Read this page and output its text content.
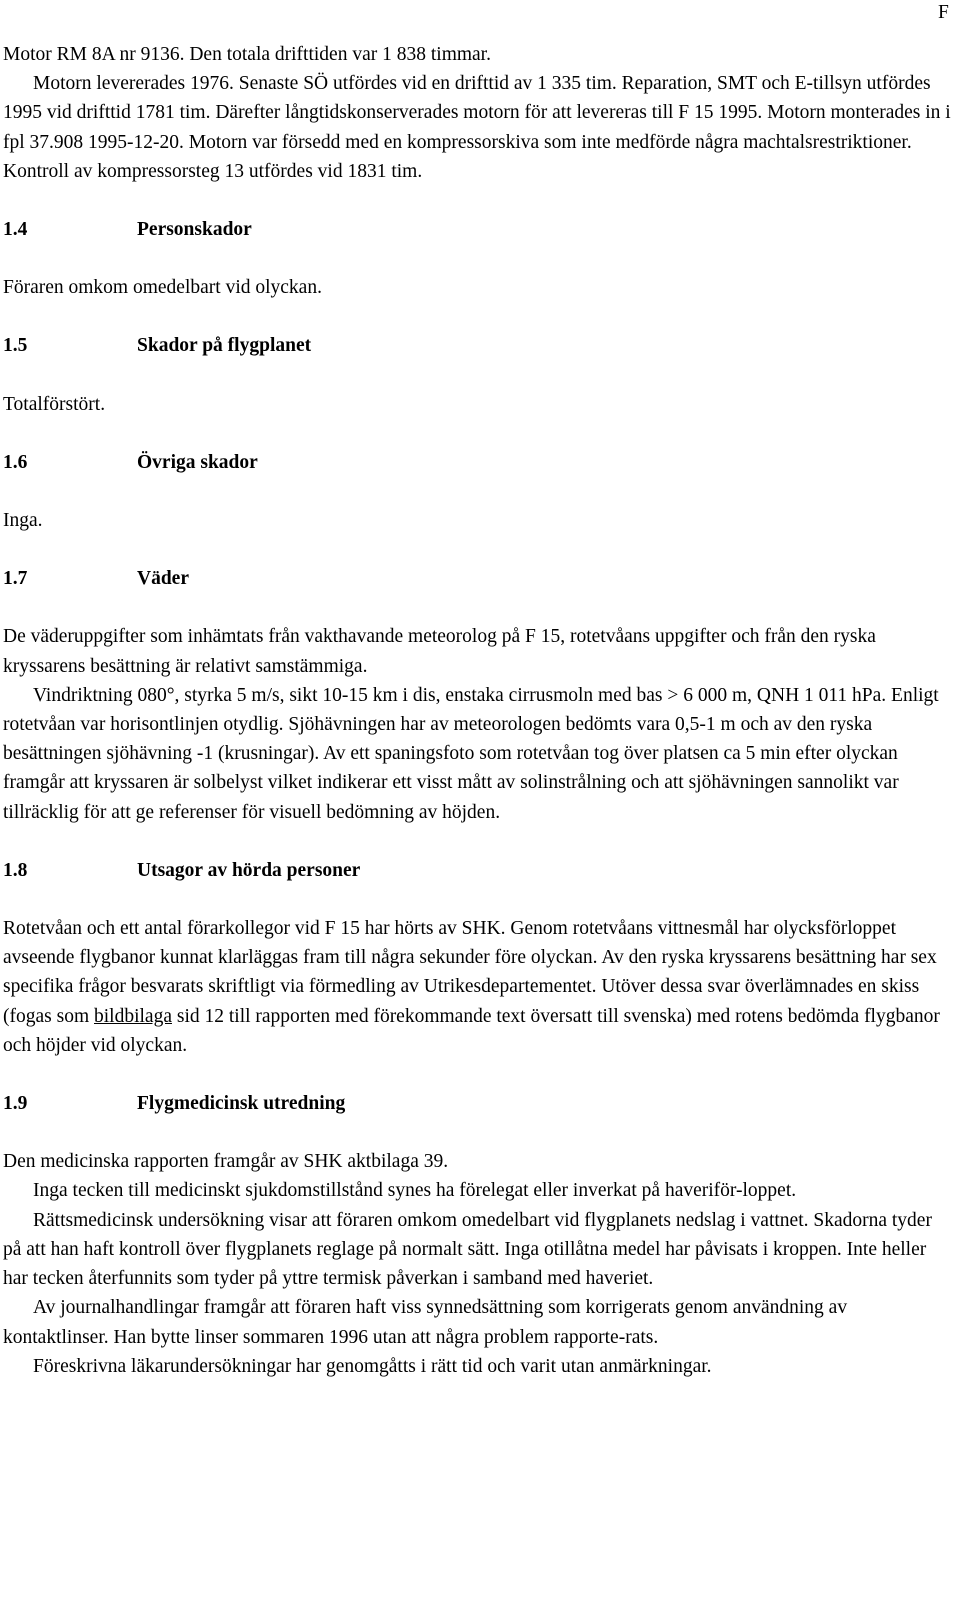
F

Motor RM 8A nr 9136. Den totala drifttiden var 1 838 timmar.

Motorn levererades 1976. Senaste SÖ utfördes vid en drifttid av 1 335 tim. Reparation, SMT och E-tillsyn utfördes 1995 vid drifttid 1781 tim. Därefter långtidskonserverades motorn för att levereras till F 15 1995. Motorn monterades in i fpl 37.908 1995-12-20. Motorn var försedd med en kompressorskiva som inte medförde några machtalsrestriktioner. Kontroll av kompressorsteg 13 utfördes vid 1831 tim.

1.4	Personskador

Föraren omkom omedelbart vid olyckan.

1.5	Skador på flygplanet

Totalförstört.

1.6	Övriga skador

Inga.

1.7	Väder

De väderuppgifter som inhämtats från vakthavande meteorolog på F 15, rotetvåans uppgifter och från den ryska kryssarens besättning är relativt samstämmiga.

Vindriktning 080°, styrka 5 m/s, sikt 10-15 km i dis, enstaka cirrusmoln med bas > 6 000 m, QNH 1 011 hPa. Enligt rotetvåan var horisontlinjen otydlig. Sjöhävningen har av meteorologen bedömts vara 0,5-1 m och av den ryska besättningen sjöhävning -1 (krusningar). Av ett spaningsfoto som rotetvåan tog över platsen ca 5 min efter olyckan framgår att kryssaren är solbelyst vilket indikerar ett visst mått av solinstrålning och att sjöhävningen sannolikt var tillräcklig för att ge referenser för visuell bedömning av höjden.

1.8	Utsagor av hörda personer

Rotetvåan och ett antal förarkollegor vid F 15 har hörts av SHK. Genom rotetvåans vittnesmål har olycksförloppet avseende flygbanor kunnat klarläggas fram till några sekunder före olyckan. Av den ryska kryssarens besättning har sex specifika frågor besvarats skriftligt via förmedling av Utrikesdepartementet. Utöver dessa svar överlämnades en skiss (fogas som bildbilaga sid 12 till rapporten med förekommande text översatt till svenska) med rotens bedömda flygbanor och höjder vid olyckan.

1.9	Flygmedicinsk utredning

Den medicinska rapporten framgår av SHK aktbilaga 39.

Inga tecken till medicinskt sjukdomstillstånd synes ha förelegat eller inverkat på haveriför-loppet.

Rättsmedicinsk undersökning visar att föraren omkom omedelbart vid flygplanets nedslag i vattnet. Skadorna tyder på att han haft kontroll över flygplanets reglage på normalt sätt. Inga otillåtna medel har påvisats i kroppen. Inte heller har tecken återfunnits som tyder på yttre termisk påverkan i samband med haveriet.

Av journalhandlingar framgår att föraren haft viss synnedsättning som korrigerats genom användning av kontaktlinser. Han bytte linser sommaren 1996 utan att några problem rapporte-rats.

Föreskrivna läkarundersökningar har genomgåtts i rätt tid och varit utan anmärkningar.
